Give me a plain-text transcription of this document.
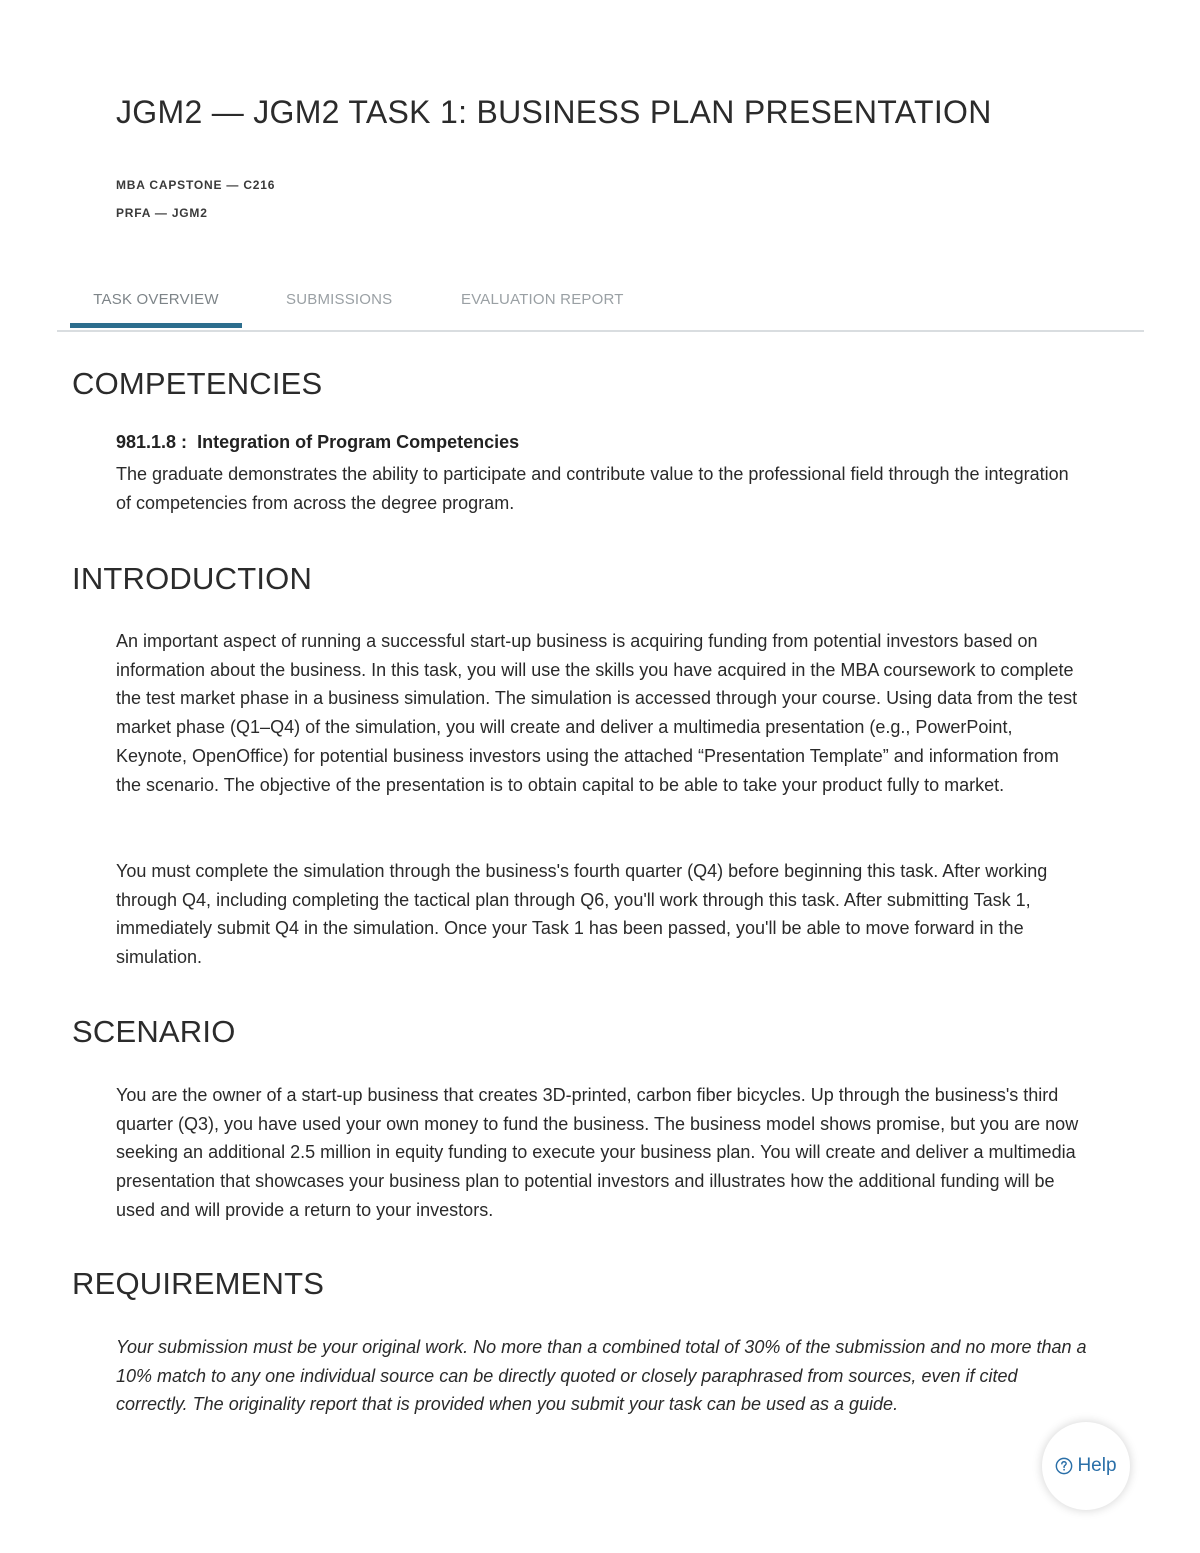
JGM2 — JGM2 TASK 1: BUSINESS PLAN PRESENTATION
MBA CAPSTONE — C216
PRFA — JGM2
TASK OVERVIEW	SUBMISSIONS	EVALUATION REPORT
COMPETENCIES
981.1.8 : Integration of Program Competencies

The graduate demonstrates the ability to participate and contribute value to the professional field through the integration of competencies from across the degree program.

INTRODUCTION

An important aspect of running a successful start-up business is acquiring funding from potential investors based on information about the business. In this task, you will use the skills you have acquired in the MBA coursework to complete the test market phase in a business simulation. The simulation is accessed through your course. Using data from the test market phase (Q1–Q4) of the simulation, you will create and deliver a multimedia presentation (e.g., PowerPoint, Keynote, OpenOffice) for potential business investors using the attached “Presentation Template” and information from the scenario. The objective of the presentation is to obtain capital to be able to take your product fully to market.

You must complete the simulation through the business's fourth quarter (Q4) before beginning this task. After working through Q4, including completing the tactical plan through Q6, you'll work through this task. After submitting Task 1, immediately submit Q4 in the simulation. Once your Task 1 has been passed, you'll be able to move forward in the simulation.

SCENARIO

You are the owner of a start-up business that creates 3D-printed, carbon fiber bicycles. Up through the business's third quarter (Q3), you have used your own money to fund the business. The business model shows promise, but you are now seeking an additional 2.5 million in equity funding to execute your business plan. You will create and deliver a multimedia presentation that showcases your business plan to potential investors and illustrates how the additional funding will be used and will provide a return to your investors.

REQUIREMENTS

Your submission must be your original work. No more than a combined total of 30% of the submission and no more than a 10% match to any one individual source can be directly quoted or closely paraphrased from sources, even if cited correctly. The originality report that is provided when you submit your task can be used as a guide.

Help
